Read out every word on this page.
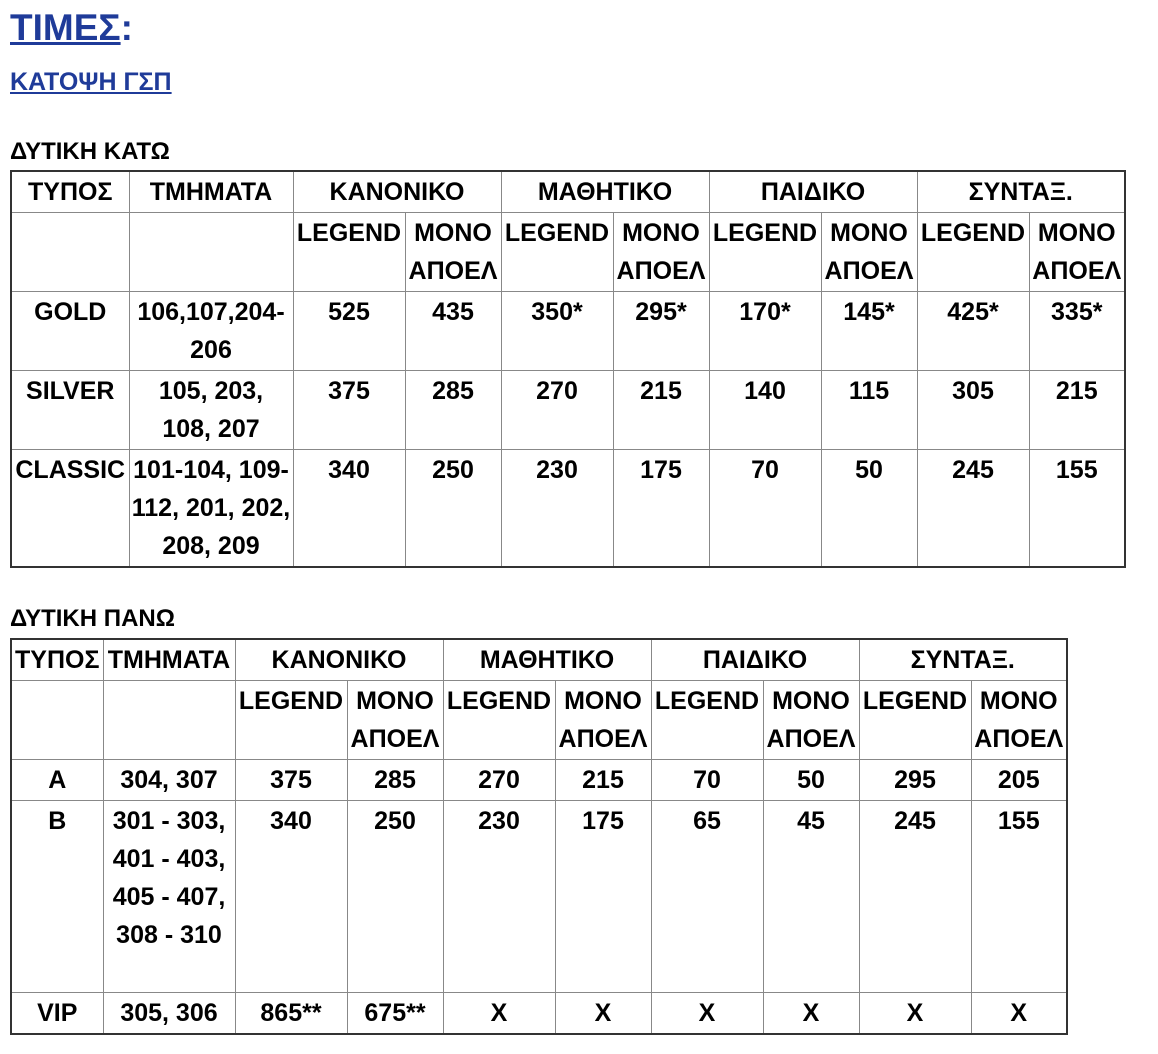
ΤΙΜΕΣ:
ΚΑΤΟΨΗ ΓΣΠ
ΔΥΤΙΚΗ ΚΑΤΩ
ΤΥΠΟΣ	ΤΜΗΜΑΤΑ	ΚΑΝΟΝΙΚΟ		ΜΑΘΗΤΙΚΟ		ΠΑΙΔΙΚΟ		ΣΥΝΤΑΞ.	
		LEGEND	ΜΟΝΟ ΑΠΟΕΛ	LEGEND	ΜΟΝΟ ΑΠΟΕΛ	LEGEND	ΜΟΝΟ ΑΠΟΕΛ	LEGEND	ΜΟΝΟ ΑΠΟΕΛ
GOLD	106,107,204-206	525	435	350*	295*	170*	145*	425*	335*
SILVER	105, 203, 108, 207	375	285	270	215	140	115	305	215
CLASSIC	101-104, 109-112, 201, 202, 208, 209	340	250	230	175	70	50	245	155
ΔΥΤΙΚΗ ΠΑΝΩ
ΤΥΠΟΣ	ΤΜΗΜΑΤΑ	ΚΑΝΟΝΙΚΟ		ΜΑΘΗΤΙΚΟ		ΠΑΙΔΙΚΟ		ΣΥΝΤΑΞ.	
		LEGEND	ΜΟΝΟ ΑΠΟΕΛ	LEGEND	ΜΟΝΟ ΑΠΟΕΛ	LEGEND	ΜΟΝΟ ΑΠΟΕΛ	LEGEND	ΜΟΝΟ ΑΠΟΕΛ
A	304, 307	375	285	270	215	70	50	295	205
B	301 - 303, 401 - 403, 405 - 407, 308 - 310	340	250	230	175	65	45	245	155
VIP	305, 306	865**	675**	X	X	X	X	X	X
